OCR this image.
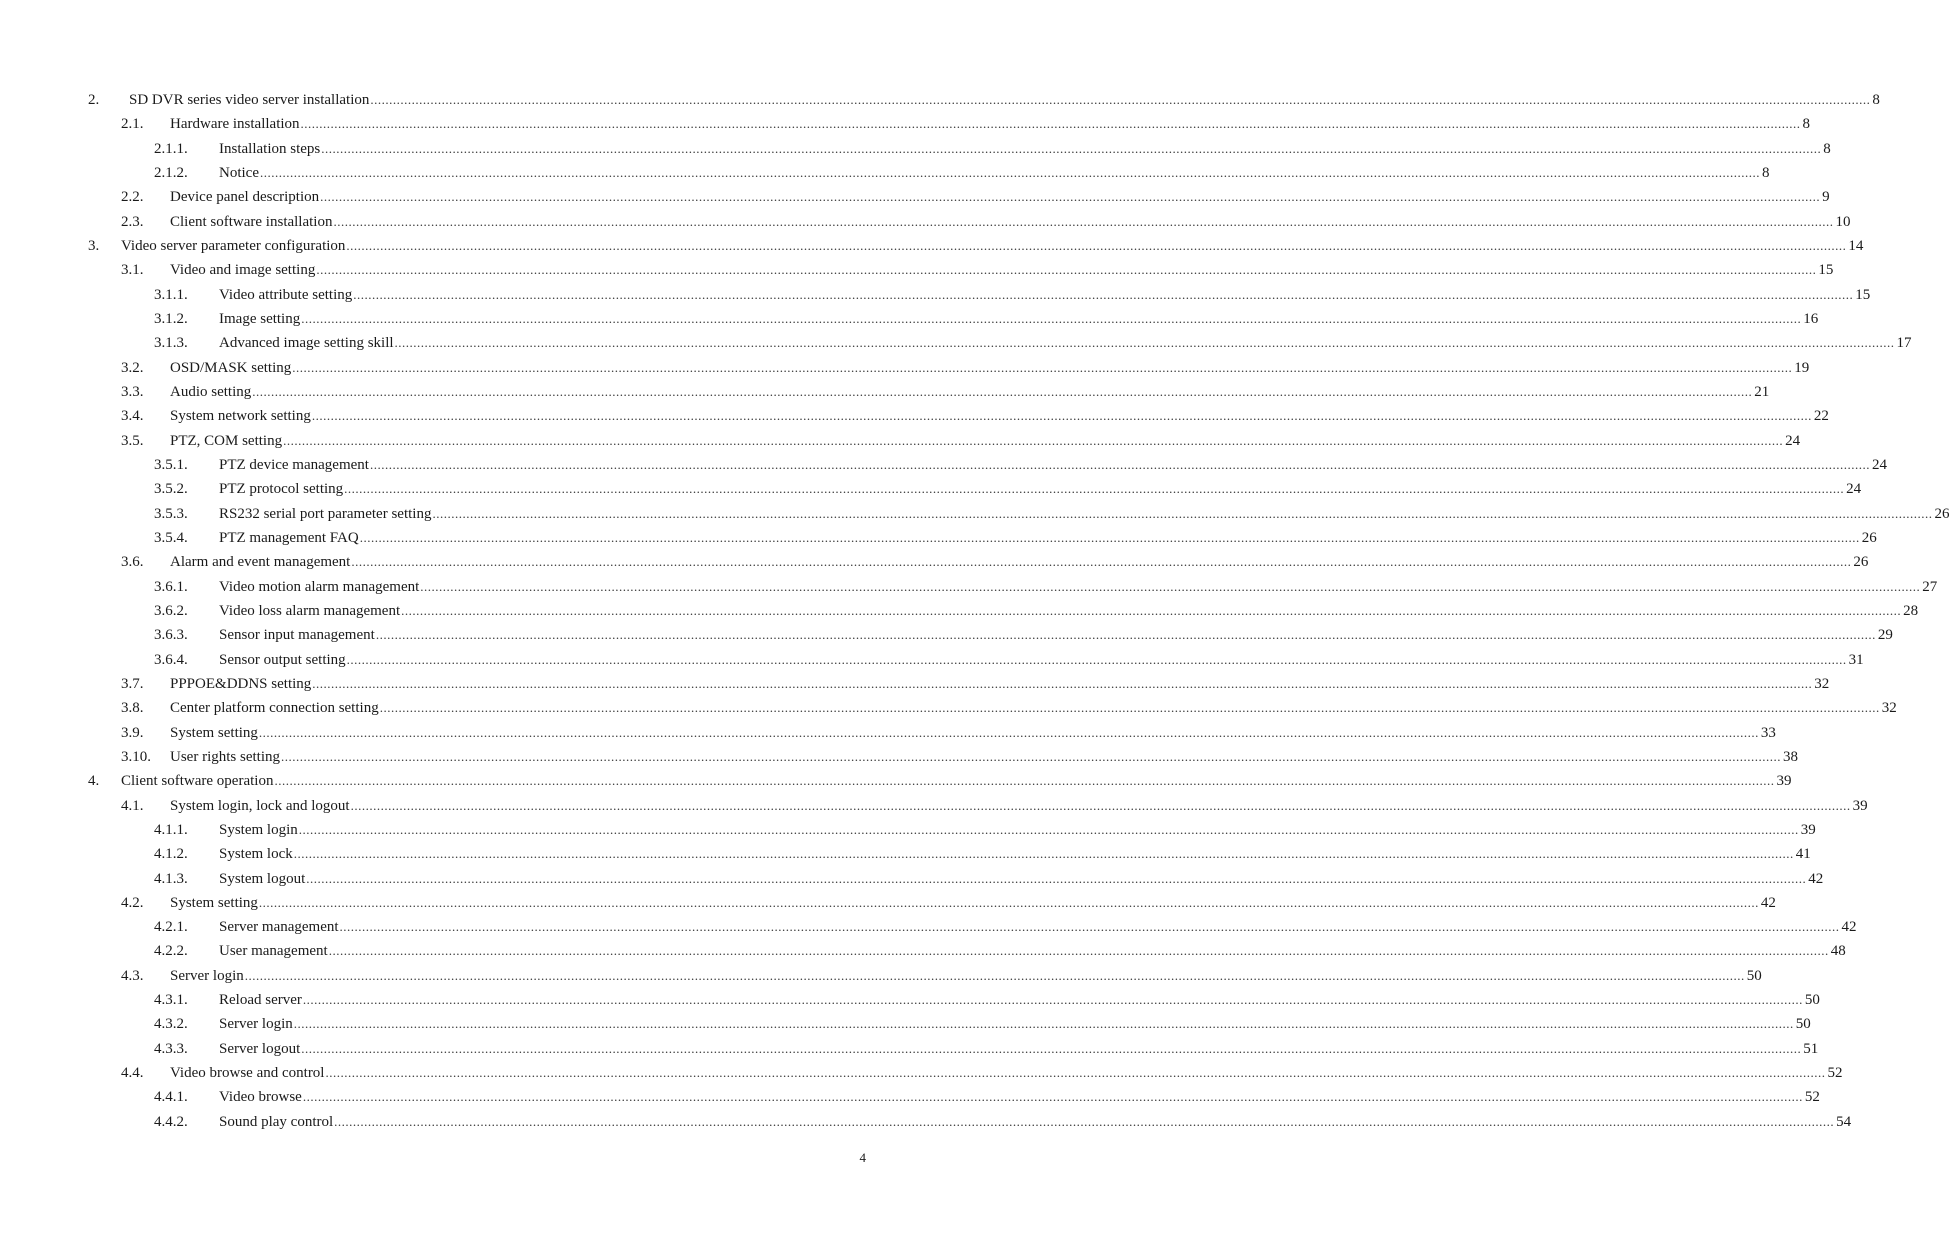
2. SD DVR series video server installation ................................................................................................................................................................................................................................................................................................................................................................................................................ 8
2.1. Hardware installation ................................................................................................................................................................................................................................................................................................................................................................................................................ 8
2.1.1. Installation steps ................................................................................................................................................................................................................................................................................................................................................................................................................ 8
2.1.2. Notice ................................................................................................................................................................................................................................................................................................................................................................................................................ 8
2.2. Device panel description ................................................................................................................................................................................................................................................................................................................................................................................................................ 9
2.3. Client software installation ................................................................................................................................................................................................................................................................................................................................................................................................................ 10
3. Video server parameter configuration ................................................................................................................................................................................................................................................................................................................................................................................................................ 14
3.1. Video and image setting ................................................................................................................................................................................................................................................................................................................................................................................................................ 15
3.1.1. Video attribute setting ................................................................................................................................................................................................................................................................................................................................................................................................................ 15
3.1.2. Image setting ................................................................................................................................................................................................................................................................................................................................................................................................................ 16
3.1.3. Advanced image setting skill ................................................................................................................................................................................................................................................................................................................................................................................................................ 17
3.2. OSD/MASK setting ................................................................................................................................................................................................................................................................................................................................................................................................................ 19
3.3. Audio setting ................................................................................................................................................................................................................................................................................................................................................................................................................ 21
3.4. System network setting ................................................................................................................................................................................................................................................................................................................................................................................................................ 22
3.5. PTZ, COM setting ................................................................................................................................................................................................................................................................................................................................................................................................................ 24
3.5.1. PTZ device management ................................................................................................................................................................................................................................................................................................................................................................................................................ 24
3.5.2. PTZ protocol setting ................................................................................................................................................................................................................................................................................................................................................................................................................ 24
3.5.3. RS232 serial port parameter setting ................................................................................................................................................................................................................................................................................................................................................................................................................ 26
3.5.4. PTZ management FAQ ................................................................................................................................................................................................................................................................................................................................................................................................................ 26
3.6. Alarm and event management ................................................................................................................................................................................................................................................................................................................................................................................................................ 26
3.6.1. Video motion alarm management ................................................................................................................................................................................................................................................................................................................................................................................................................ 27
3.6.2. Video loss alarm management ................................................................................................................................................................................................................................................................................................................................................................................................................ 28
3.6.3. Sensor input management ................................................................................................................................................................................................................................................................................................................................................................................................................ 29
3.6.4. Sensor output setting ................................................................................................................................................................................................................................................................................................................................................................................................................ 31
3.7. PPPOE&DDNS setting ................................................................................................................................................................................................................................................................................................................................................................................................................ 32
3.8. Center platform connection setting ................................................................................................................................................................................................................................................................................................................................................................................................................ 32
3.9. System setting ................................................................................................................................................................................................................................................................................................................................................................................................................ 33
3.10. User rights setting ................................................................................................................................................................................................................................................................................................................................................................................................................ 38
4. Client software operation ................................................................................................................................................................................................................................................................................................................................................................................................................ 39
4.1. System login, lock and logout ................................................................................................................................................................................................................................................................................................................................................................................................................ 39
4.1.1. System login ................................................................................................................................................................................................................................................................................................................................................................................................................ 39
4.1.2. System lock ................................................................................................................................................................................................................................................................................................................................................................................................................ 41
4.1.3. System logout ................................................................................................................................................................................................................................................................................................................................................................................................................ 42
4.2. System setting ................................................................................................................................................................................................................................................................................................................................................................................................................ 42
4.2.1. Server management ................................................................................................................................................................................................................................................................................................................................................................................................................ 42
4.2.2. User management ................................................................................................................................................................................................................................................................................................................................................................................................................ 48
4.3. Server login ................................................................................................................................................................................................................................................................................................................................................................................................................ 50
4.3.1. Reload server ................................................................................................................................................................................................................................................................................................................................................................................................................ 50
4.3.2. Server login ................................................................................................................................................................................................................................................................................................................................................................................................................ 50
4.3.3. Server logout ................................................................................................................................................................................................................................................................................................................................................................................................................ 51
4.4. Video browse and control ................................................................................................................................................................................................................................................................................................................................................................................................................ 52
4.4.1. Video browse ................................................................................................................................................................................................................................................................................................................................................................................................................ 52
4.4.2. Sound play control ................................................................................................................................................................................................................................................................................................................................................................................................................ 54
4
